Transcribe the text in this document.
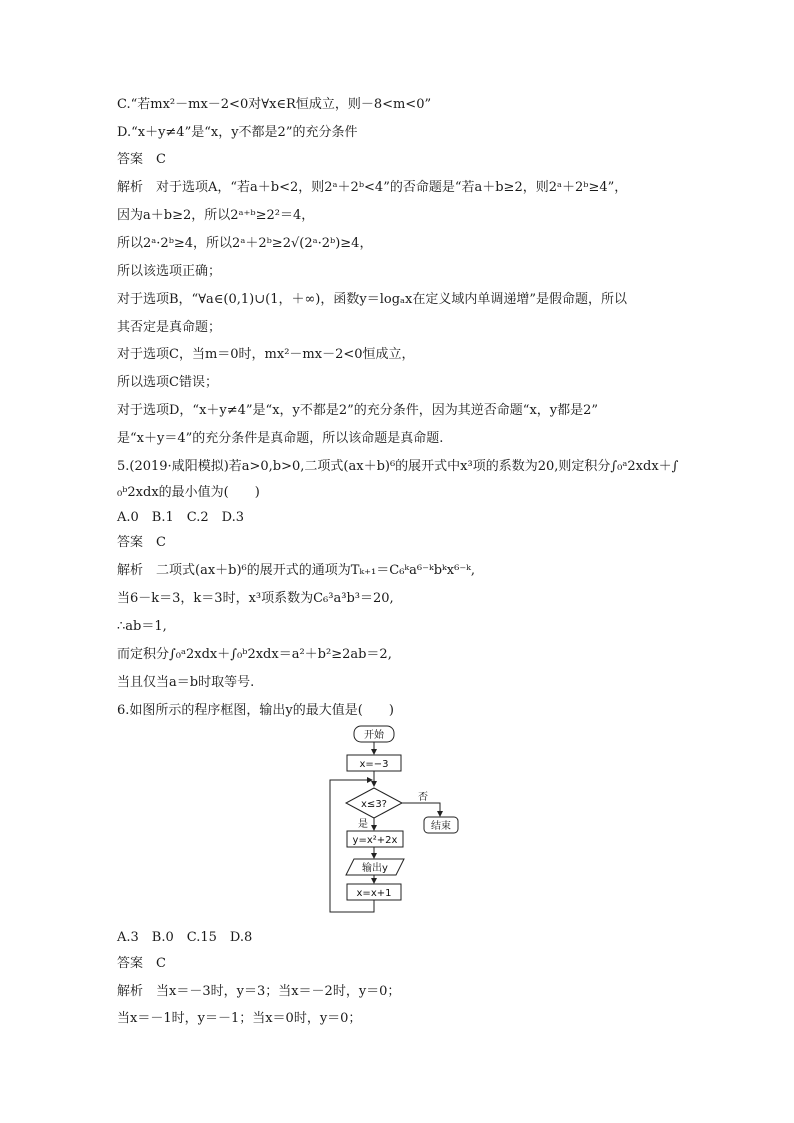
C.“若mx²－mx－2<0对∀x∈R恒成立，则－8<m<0”
D.“x＋y≠4”是“x，y不都是2”的充分条件
答案　C
解析　对于选项A，“若a＋b<2，则2ᵃ＋2ᵇ<4”的否命题是“若a＋b≥2，则2ᵃ＋2ᵇ≥4”，
因为a＋b≥2，所以2ᵃ⁺ᵇ≥2²＝4，
所以2ᵃ·2ᵇ≥4，所以2ᵃ＋2ᵇ≥2√(2ᵃ·2ᵇ)≥4，
所以该选项正确；
对于选项B，“∀a∈(0,1)∪(1，＋∞)，函数y＝logₐx在定义域内单调递增”是假命题，所以
其否定是真命题；
对于选项C，当m＝0时，mx²－mx－2<0恒成立，
所以选项C错误；
对于选项D，“x＋y≠4”是“x，y不都是2”的充分条件，因为其逆否命题“x，y都是2”
是“x＋y＝4”的充分条件是真命题，所以该命题是真命题.
5.(2019·咸阳模拟)若a>0,b>0,二项式(ax＋b)⁶的展开式中x³项的系数为20,则定积分∫₀ᵃ2xdx＋∫
₀ᵇ2xdx的最小值为(　　)
A.0　B.1　C.2　D.3
答案　C
解析　二项式(ax＋b)⁶的展开式的通项为Tₖ₊₁＝C₆ᵏa⁶⁻ᵏbᵏx⁶⁻ᵏ,
当6－k＝3，k＝3时，x³项系数为C₆³a³b³＝20,
∴ab＝1,
而定积分∫₀ᵃ2xdx＋∫₀ᵇ2xdx＝a²＋b²≥2ab＝2,
当且仅当a＝b时取等号.
6.如图所示的程序框图，输出y的最大值是(　　)
开始
x=−3
x≤3?
否
结束
是
y=x²+2x
输出y
x=x+1
A.3　B.0　C.15　D.8
答案　C
解析　当x＝－3时，y＝3；当x＝－2时，y＝0；
当x＝－1时，y＝－1；当x＝0时，y＝0；
